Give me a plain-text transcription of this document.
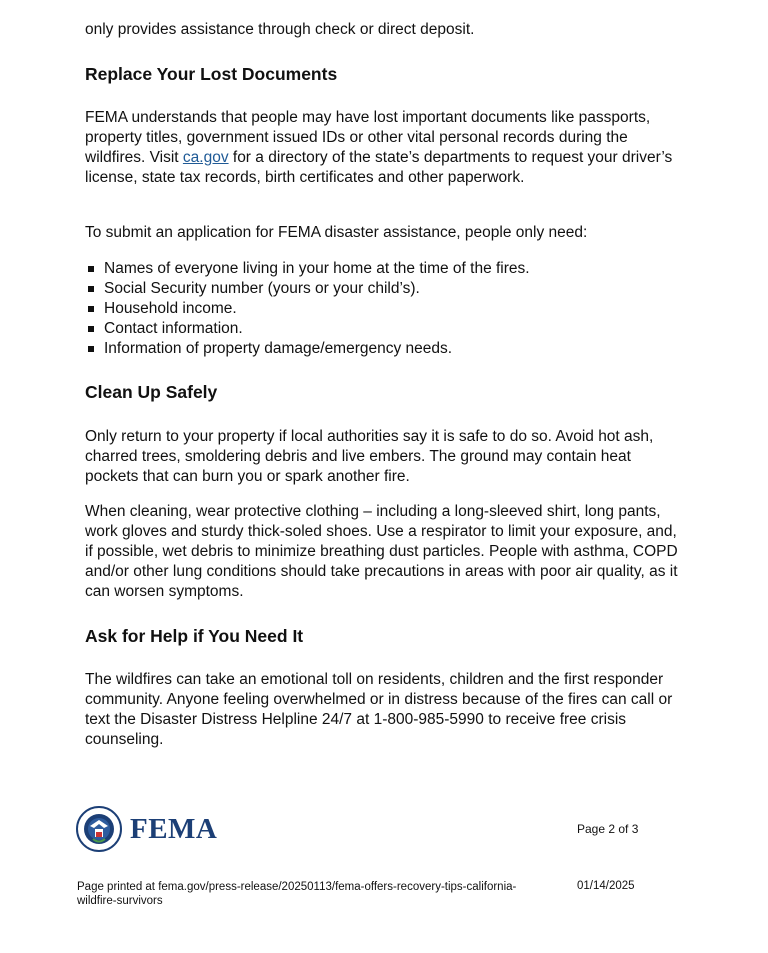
only provides assistance through check or direct deposit.
Replace Your Lost Documents
FEMA understands that people may have lost important documents like passports, property titles, government issued IDs or other vital personal records during the wildfires. Visit ca.gov for a directory of the state’s departments to request your driver’s license, state tax records, birth certificates and other paperwork.
To submit an application for FEMA disaster assistance, people only need:
Names of everyone living in your home at the time of the fires.
Social Security number (yours or your child’s).
Household income.
Contact information.
Information of property damage/emergency needs.
Clean Up Safely
Only return to your property if local authorities say it is safe to do so. Avoid hot ash, charred trees, smoldering debris and live embers. The ground may contain heat pockets that can burn you or spark another fire.
When cleaning, wear protective clothing – including a long-sleeved shirt, long pants, work gloves and sturdy thick-soled shoes. Use a respirator to limit your exposure, and, if possible, wet debris to minimize breathing dust particles. People with asthma, COPD and/or other lung conditions should take precautions in areas with poor air quality, as it can worsen symptoms.
Ask for Help if You Need It
The wildfires can take an emotional toll on residents, children and the first responder community. Anyone feeling overwhelmed or in distress because of the fires can call or text the Disaster Distress Helpline 24/7 at 1-800-985-5990 to receive free crisis counseling.
FEMA	Page 2 of 3
Page printed at fema.gov/press-release/20250113/fema-offers-recovery-tips-california-wildfire-survivors
01/14/2025
